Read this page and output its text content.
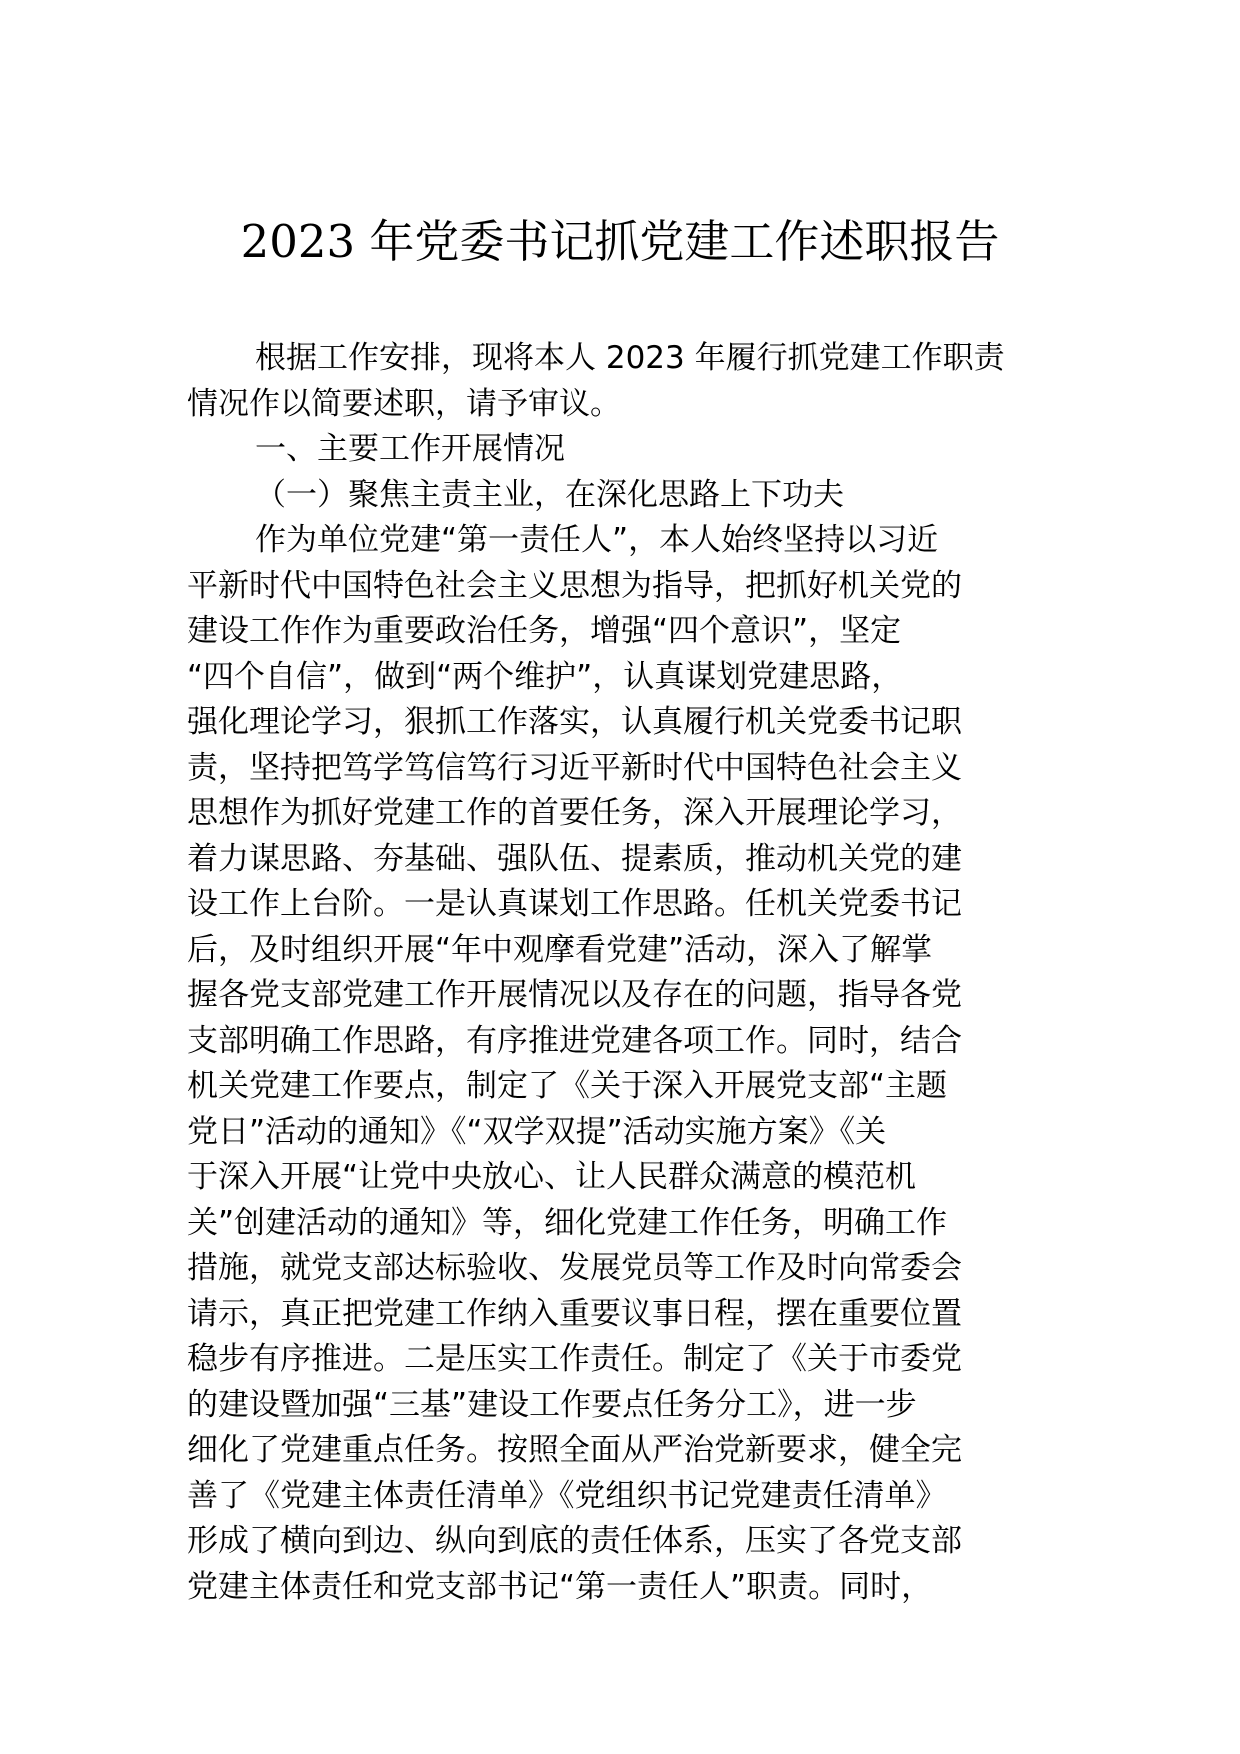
2023 年党委书记抓党建工作述职报告
根据工作安排，现将本人 2023 年履行抓党建工作职责
情况作以简要述职，请予审议。
一、主要工作开展情况
（一）聚焦主责主业，在深化思路上下功夫
作为单位党建“第一责任人”，本人始终坚持以习近
平新时代中国特色社会主义思想为指导，把抓好机关党的
建设工作作为重要政治任务，增强“四个意识”，坚定
“四个自信”，做到“两个维护”，认真谋划党建思路，
强化理论学习，狠抓工作落实，认真履行机关党委书记职
责，坚持把笃学笃信笃行习近平新时代中国特色社会主义
思想作为抓好党建工作的首要任务，深入开展理论学习，
着力谋思路、夯基础、强队伍、提素质，推动机关党的建
设工作上台阶。一是认真谋划工作思路。任机关党委书记
后，及时组织开展“年中观摩看党建”活动，深入了解掌
握各党支部党建工作开展情况以及存在的问题，指导各党
支部明确工作思路，有序推进党建各项工作。同时，结合
机关党建工作要点，制定了《关于深入开展党支部“主题
党日”活动的通知》《“双学双提”活动实施方案》《关
于深入开展“让党中央放心、让人民群众满意的模范机
关”创建活动的通知》等，细化党建工作任务，明确工作
措施，就党支部达标验收、发展党员等工作及时向常委会
请示，真正把党建工作纳入重要议事日程，摆在重要位置
稳步有序推进。二是压实工作责任。制定了《关于市委党
的建设暨加强“三基”建设工作要点任务分工》，进一步
细化了党建重点任务。按照全面从严治党新要求，健全完
善了《党建主体责任清单》《党组织书记党建责任清单》
形成了横向到边、纵向到底的责任体系，压实了各党支部
党建主体责任和党支部书记“第一责任人”职责。同时，
